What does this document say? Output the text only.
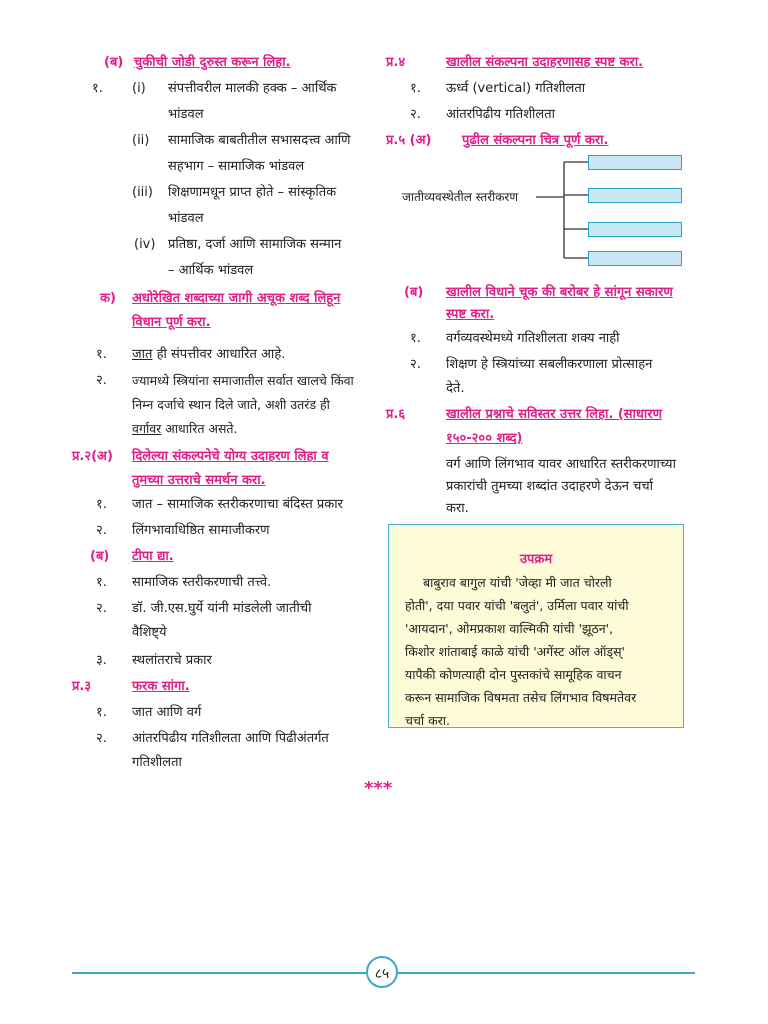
(ब) चुकीची जोडी दुरुस्त करून लिहा.
१. (i) संपत्तीवरील मालकी हक्क – आर्थिक
भांडवल
(ii) सामाजिक बाबतीतील सभासदत्त्व आणि
सहभाग – सामाजिक भांडवल
(iii) शिक्षणामधून प्राप्त होते – सांस्कृतिक
भांडवल
(iv) प्रतिष्ठा, दर्जा आणि सामाजिक सन्मान
– आर्थिक भांडवल
क) अधोरेखित शब्दाच्या जागी अचूक शब्द लिहून
विधान पूर्ण करा.
१. जात ही संपत्तीवर आधारित आहे.
२. ज्यामध्ये स्त्रियांना समाजातील सर्वात खालचे किंवा
निम्न दर्जाचे स्थान दिले जाते, अशी उतरंड ही
वर्गावर आधारित असते.
प्र.२(अ) दिलेल्या संकल्पनेचे योग्य उदाहरण लिहा व
तुमच्या उत्तराचे समर्थन करा.
१. जात – सामाजिक स्तरीकरणाचा बंदिस्त प्रकार
२. लिंगभावाधिष्ठित सामाजीकरण
(ब) टीपा द्या.
१. सामाजिक स्तरीकरणाची तत्त्वे.
२. डॉ. जी.एस.घुर्ये यांनी मांडलेली जातीची
वैशिष्ट्ये
३. स्थलांतराचे प्रकार
प्र.३	फरक सांगा.
१. जात आणि वर्ग
२. आंतरपिढीय गतिशीलता आणि पिढीअंतर्गत
गतिशीलता
प्र.४	खालील संकल्पना उदाहरणासह स्पष्ट करा.
१. ऊर्ध्व (vertical) गतिशीलता
२. आंतरपिढीय गतिशीलता
प्र.५ (अ) पुढील संकल्पना चित्र पूर्ण करा.
जातीव्यवस्थेतील स्तरीकरण
(ब) खालील विधाने चूक की बरोबर हे सांगून सकारण
स्पष्ट करा.
१. वर्गव्यवस्थेमध्ये गतिशीलता शक्य नाही
२. शिक्षण हे स्त्रियांच्या सबलीकरणाला प्रोत्साहन
देते.
प्र.६	खालील प्रश्नाचे सविस्तर उत्तर लिहा. (साधारण
१५०-२०० शब्द)
वर्ग आणि लिंगभाव यावर आधारित स्तरीकरणाच्या
प्रकारांची तुमच्या शब्दांत उदाहरणे देऊन चर्चा
करा.
उपक्रम
बाबुराव बागुल यांची 'जेव्हा मी जात चोरली
होती', दया पवार यांची 'बलुतं', उर्मिला पवार यांची
'आयदान', ओमप्रकाश वाल्मिकी यांची 'झूठन',
किशोर शांताबाई काळे यांची 'अगेंस्ट ऑल ऑड्स्'
यापैकी कोणत्याही दोन पुस्तकांचे सामूहिक वाचन
करून सामाजिक विषमता तसेच लिंगभाव विषमतेवर
चर्चा करा.
***
८५
